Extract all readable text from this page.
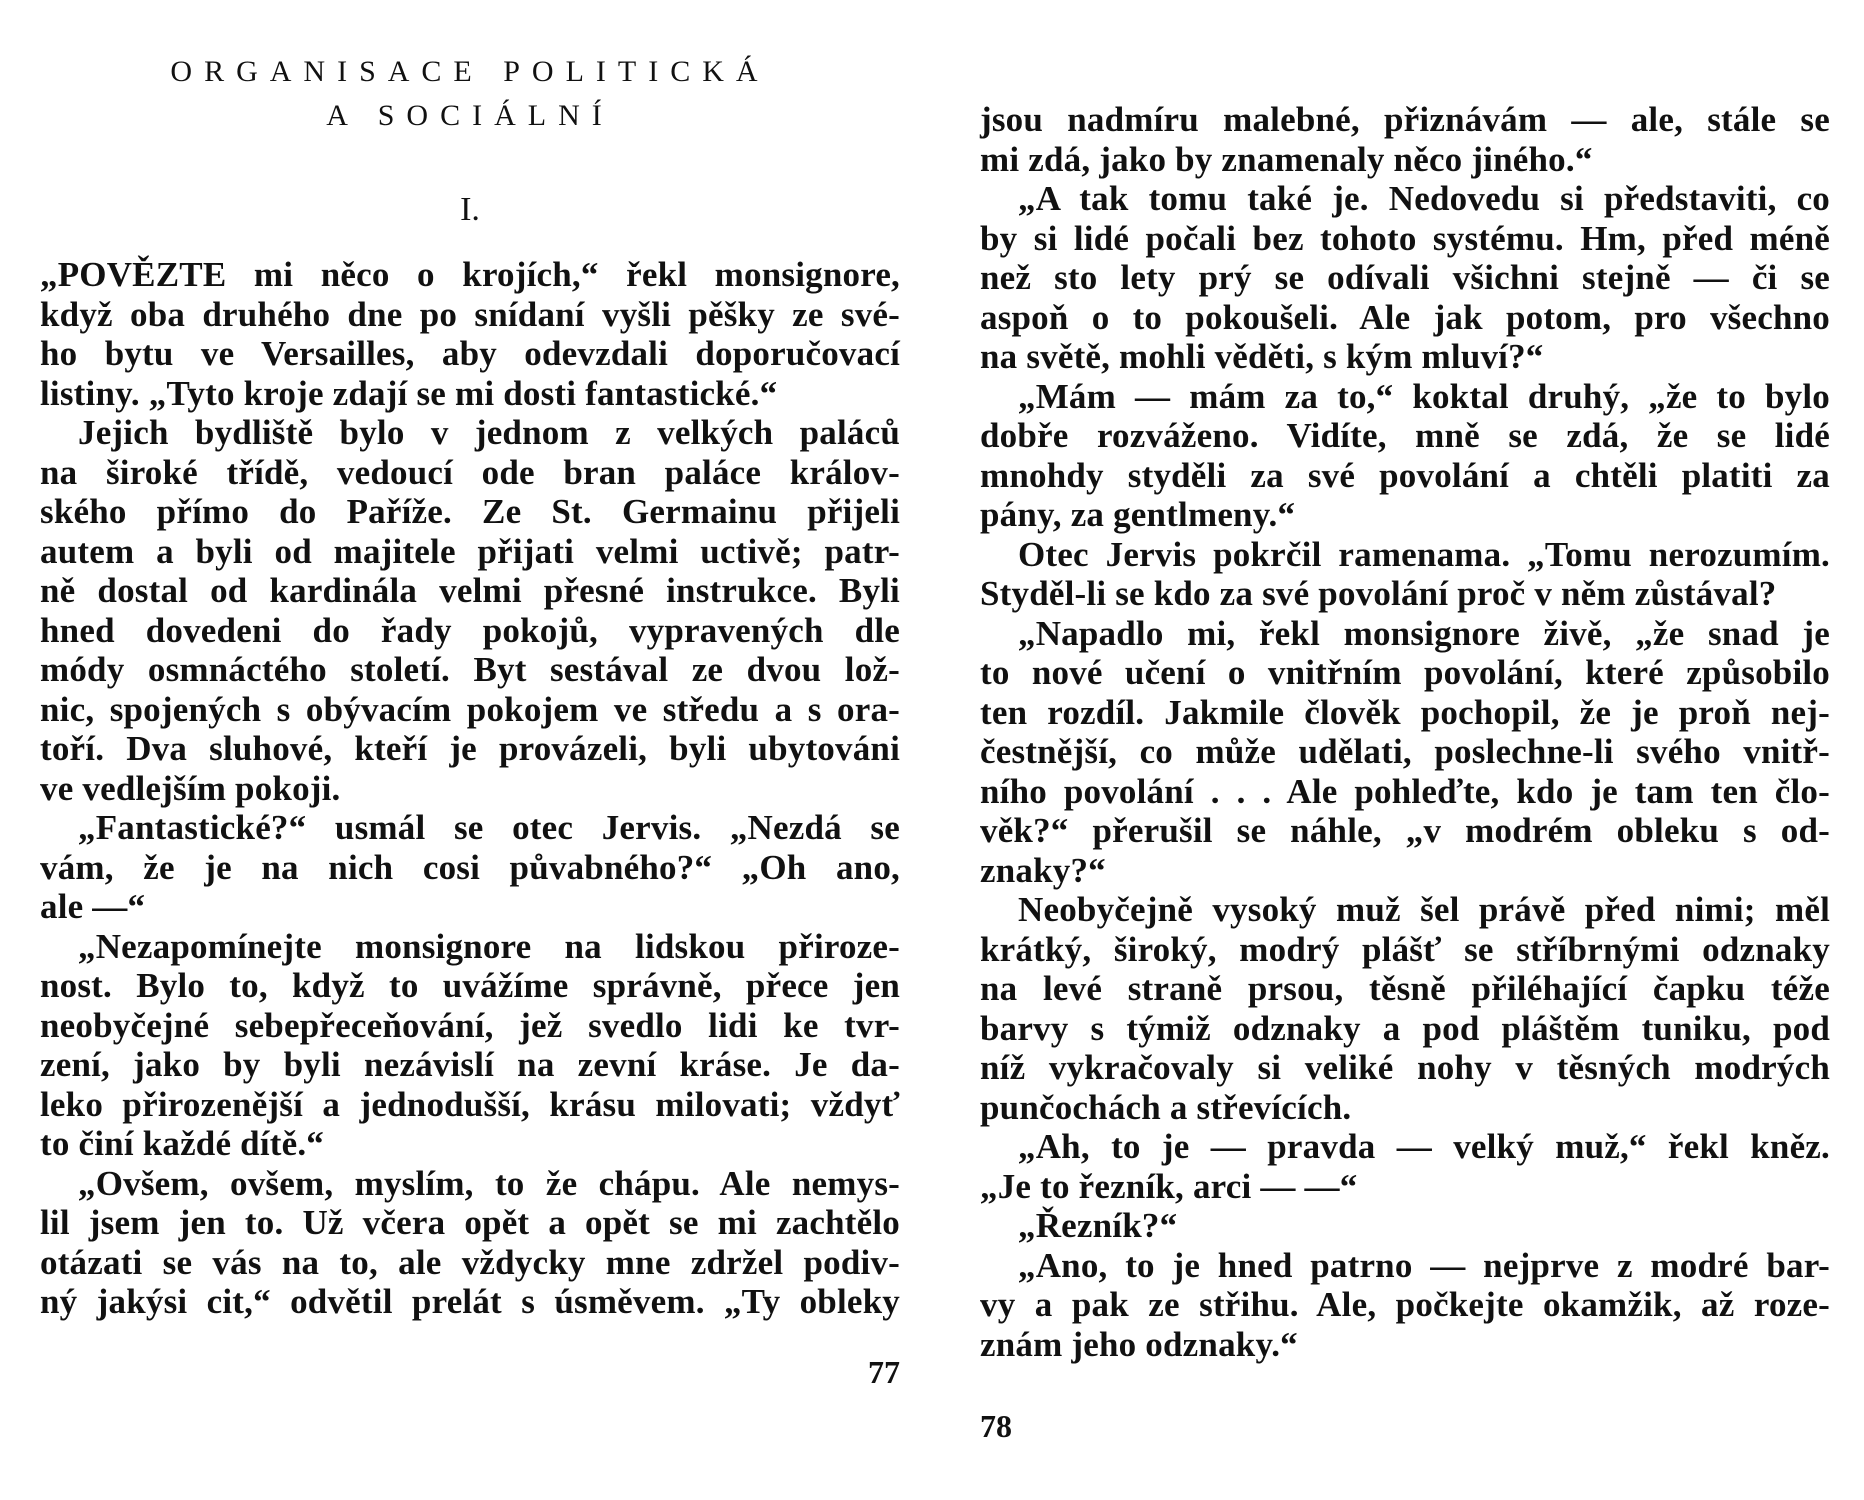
ORGANISACE POLITICKÁ

A SOCIÁLNÍ

I.

„POVĚZTE mi něco o krojích,“ řekl monsignore,
když oba druhého dne po snídaní vyšli pěšky ze své-
ho bytu ve Versailles, aby odevzdali doporučovací
listiny. „Tyto kroje zdají se mi dosti fantastické.“
Jejich bydliště bylo v jednom z velkých paláců
na široké třídě, vedoucí ode bran paláce králov-
ského přímo do Paříže. Ze St. Germainu přijeli
autem a byli od majitele přijati velmi uctivě; patr-
ně dostal od kardinála velmi přesné instrukce. Byli
hned dovedeni do řady pokojů, vypravených dle
módy osmnáctého století. Byt sestával ze dvou lož-
nic, spojených s obývacím pokojem ve středu a s ora-
toří. Dva sluhové, kteří je provázeli, byli ubytováni
ve vedlejším pokoji.
„Fantastické?“ usmál se otec Jervis. „Nezdá se
vám, že je na nich cosi půvabného?“ „Oh ano,
ale —“
„Nezapomínejte monsignore na lidskou přiroze-
nost. Bylo to, když to uvážíme správně, přece jen
neobyčejné sebepřeceňování, jež svedlo lidi ke tvr-
zení, jako by byli nezávislí na zevní kráse. Je da-
leko přirozenější a jednodušší, krásu milovati; vždyť
to činí každé dítě.“
„Ovšem, ovšem, myslím, to že chápu. Ale nemys-
lil jsem jen to. Už včera opět a opět se mi zachtělo
otázati se vás na to, ale vždycky mne zdržel podiv-
ný jakýsi cit,“ odvětil prelát s úsměvem. „Ty obleky
77
jsou nadmíru malebné, přiznávám — ale, stále se
mi zdá, jako by znamenaly něco jiného.“
„A tak tomu také je. Nedovedu si představiti, co
by si lidé počali bez tohoto systému. Hm, před méně
než sto lety prý se odívali všichni stejně — či se
aspoň o to pokoušeli. Ale jak potom, pro všechno
na světě, mohli věděti, s kým mluví?“
„Mám — mám za to,“ koktal druhý, „že to bylo
dobře rozváženo. Vidíte, mně se zdá, že se lidé
mnohdy styděli za své povolání a chtěli platiti za
pány, za gentlmeny.“
Otec Jervis pokrčil ramenama. „Tomu nerozumím.
Styděl-li se kdo za své povolání proč v něm zůstával?
„Napadlo mi, řekl monsignore živě, „že snad je
to nové učení o vnitřním povolání, které způsobilo
ten rozdíl. Jakmile člověk pochopil, že je proň nej-
čestnější, co může udělati, poslechne-li svého vnitř-
ního povolání . . . Ale pohleďte, kdo je tam ten člo-
věk?“ přerušil se náhle, „v modrém obleku s od-
znaky?“
Neobyčejně vysoký muž šel právě před nimi; měl
krátký, široký, modrý plášť se stříbrnými odznaky
na levé straně prsou, těsně přiléhající čapku téže
barvy s týmiž odznaky a pod pláštěm tuniku, pod
níž vykračovaly si veliké nohy v těsných modrých
punčochách a střevících.
„Ah, to je — pravda — velký muž,“ řekl kněz.
„Je to řezník, arci — —“
„Řezník?“
„Ano, to je hned patrno — nejprve z modré bar-
vy a pak ze střihu. Ale, počkejte okamžik, až roze-
znám jeho odznaky.“
78
